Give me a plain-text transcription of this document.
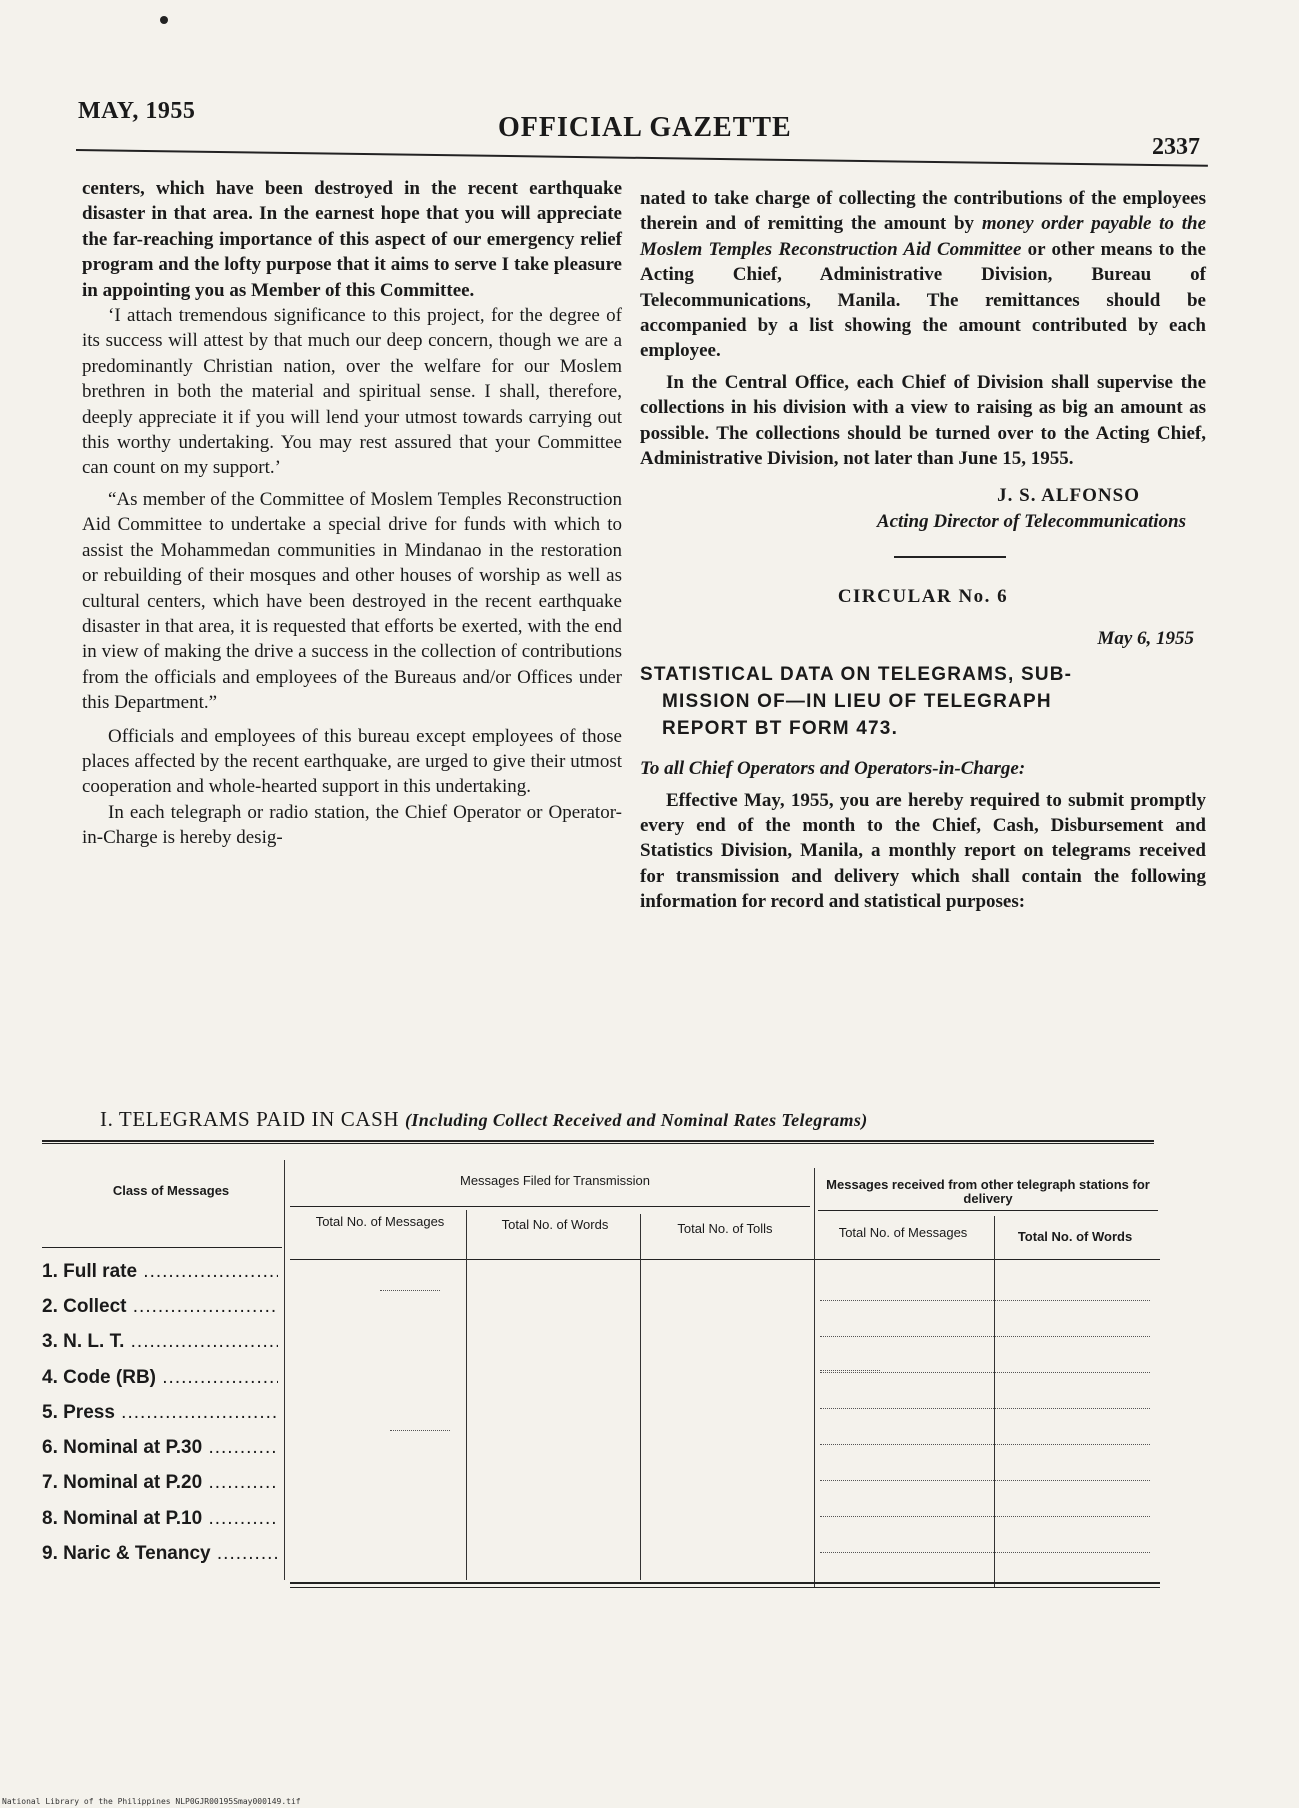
MAY, 1955
OFFICIAL GAZETTE
2337

centers, which have been destroyed in the recent earthquake disaster in that area. In the earnest hope that you will appreciate the far-reaching importance of this aspect of our emergency relief program and the lofty purpose that it aims to serve I take pleasure in appointing you as Member of this Committee.

‘I attach tremendous significance to this project, for the degree of its success will attest by that much our deep concern, though we are a predominantly Christian nation, over the welfare for our Moslem brethren in both the material and spiritual sense. I shall, therefore, deeply appreciate it if you will lend your utmost towards carrying out this worthy undertaking. You may rest assured that your Committee can count on my support.’

“As member of the Committee of Moslem Temples Reconstruction Aid Committee to undertake a special drive for funds with which to assist the Mohammedan communities in Mindanao in the restoration or rebuilding of their mosques and other houses of worship as well as cultural centers, which have been destroyed in the recent earthquake disaster in that area, it is requested that efforts be exerted, with the end in view of making the drive a success in the collection of contributions from the officials and employees of the Bureaus and/or Offices under this Department.”

Officials and employees of this bureau except employees of those places affected by the recent earthquake, are urged to give their utmost cooperation and whole-hearted support in this undertaking.

In each telegraph or radio station, the Chief Operator or Operator-in-Charge is hereby desig-

nated to take charge of collecting the contributions of the employees therein and of remitting the amount by money order payable to the Moslem Temples Reconstruction Aid Committee or other means to the Acting Chief, Administrative Division, Bureau of Telecommunications, Manila. The remittances should be accompanied by a list showing the amount contributed by each employee.

In the Central Office, each Chief of Division shall supervise the collections in his division with a view to raising as big an amount as possible. The collections should be turned over to the Acting Chief, Administrative Division, not later than June 15, 1955.

J. S. ALFONSO

Acting Director of Telecommunications

CIRCULAR No. 6

May 6, 1955

STATISTICAL DATA ON TELEGRAMS, SUB-
MISSION OF—IN LIEU OF TELEGRAPH
REPORT BT FORM 473.

To all Chief Operators and Operators-in-Charge:

Effective May, 1955, you are hereby required to submit promptly every end of the month to the Chief, Cash, Disbursement and Statistics Division, Manila, a monthly report on telegrams received for transmission and delivery which shall contain the following information for record and statistical purposes:

I. TELEGRAMS PAID IN CASH (Including Collect Received and Nominal Rates Telegrams)
Class of Messages
Messages Filed for Transmission	Messages received from other telegraph stations for delivery
Total No. of Messages	Total No. of Words	Total No. of Tolls	Total No. of Messages	Total No. of Words
1. Full rate .....
2. Collect .....
3. N. L. T. .....
4. Code (RB) .....
5. Press .....
6. Nominal at P.30 .....
7. Nominal at P.20 .....
8. Nominal at P.10 .....
9. Naric & Tenancy .....
National Library of the Philippines NLP0GJR00195Smay000149.tif
